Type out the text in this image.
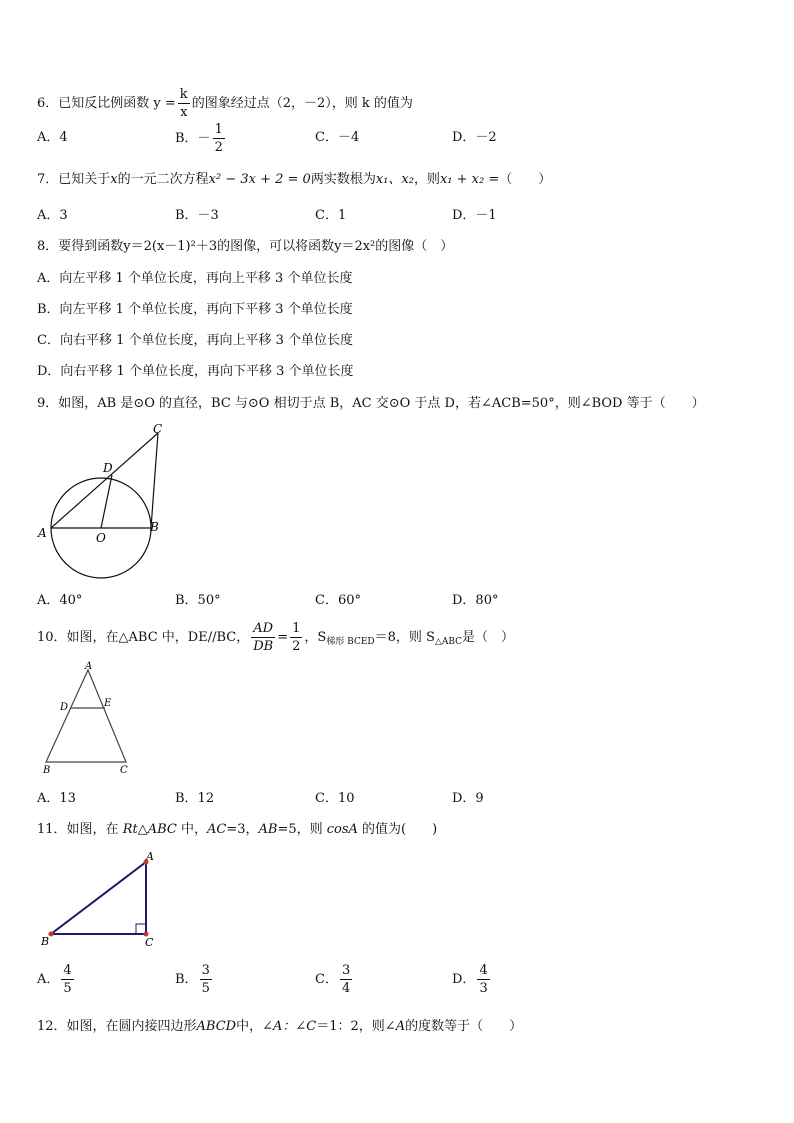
6．已知反比例函数 $y = \frac{k}{x}$ 的图象经过点（2，－2），则 k 的值为
A．4	B．－ $\frac{1}{2}$	C．－4	D．－2
7．已知关于x的一元二次方程x² − 3x + 2 = 0两实数根为x₁、x₂，则x₁ + x₂ =（　　）
A．3	B．－3	C．1	D．－1
8．要得到函数y＝2(x－1)²＋3的图像，可以将函数y＝2x²的图像（　）
A．向左平移 1 个单位长度，再向上平移 3 个单位长度
B．向左平移 1 个单位长度，再向下平移 3 个单位长度
C．向右平移 1 个单位长度，再向上平移 3 个单位长度
D．向右平移 1 个单位长度，再向下平移 3 个单位长度
9．如图，AB 是⊙O 的直径，BC 与⊙O 相切于点 B，AC 交⊙O 于点 D，若∠ACB=50°，则∠BOD 等于（　　）
A	B
C
D
O
A．40°	B．50°	C．60°	D．80°
10．如图，在△ABC 中，DE//BC， $\frac{AD}{DB} = \frac{1}{2}$ ，$S_{梯形 BCED}=8$，则 $S_{\triangle ABC}$是（　）
A
D	E
B	C
A．13	B．12	C．10	D．9
11．如图，在 Rt△ABC 中，AC=3，AB=5，则 cosA 的值为(　　)
A
B	C
A． $\frac{4}{5}$	B． $\frac{3}{5}$	C． $\frac{3}{4}$	D． $\frac{4}{3}$
12．如图，在圆内接四边形ABCD中，∠A：∠C＝1：2，则∠A的度数等于（　　）
